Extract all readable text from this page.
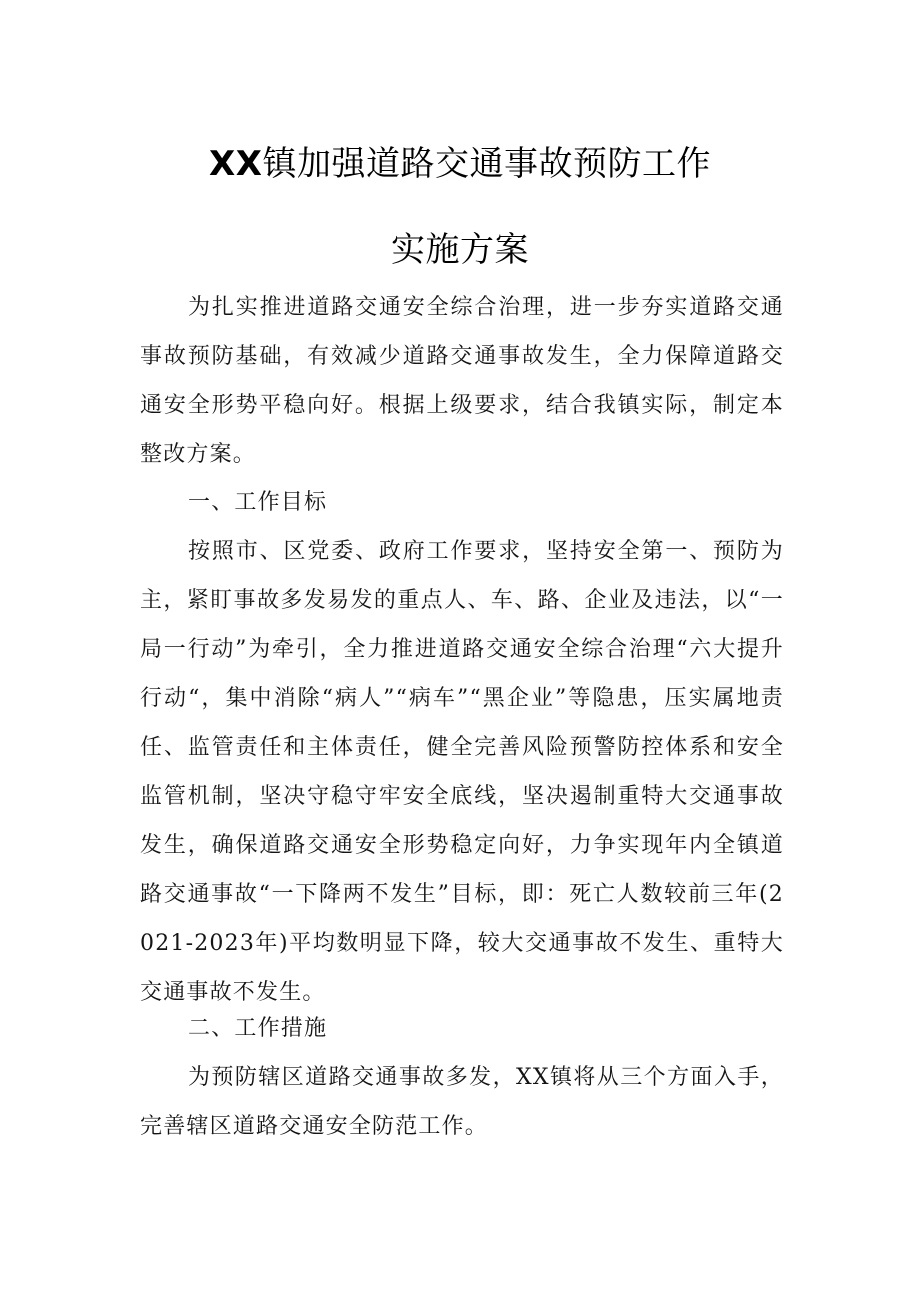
XX镇加强道路交通事故预防工作
实施方案

为扎实推进道路交通安全综合治理，进一步夯实道路交通事故预防基础，有效减少道路交通事故发生，全力保障道路交通安全形势平稳向好。根据上级要求，结合我镇实际，制定本整改方案。

一、工作目标

按照市、区党委、政府工作要求，坚持安全第一、预防为主，紧盯事故多发易发的重点人、车、路、企业及违法，以“一局一行动”为牵引，全力推进道路交通安全综合治理“六大提升行动“，集中消除“病人”“病车”“黑企业”等隐患，压实属地责任、监管责任和主体责任，健全完善风险预警防控体系和安全监管机制，坚决守稳守牢安全底线，坚决遏制重特大交通事故发生，确保道路交通安全形势稳定向好，力争实现年内全镇道路交通事故“一下降两不发生”目标，即：死亡人数较前三年(2021-2023年)平均数明显下降，较大交通事故不发生、重特大交通事故不发生。

二、工作措施

为预防辖区道路交通事故多发，XX镇将从三个方面入手，完善辖区道路交通安全防范工作。
